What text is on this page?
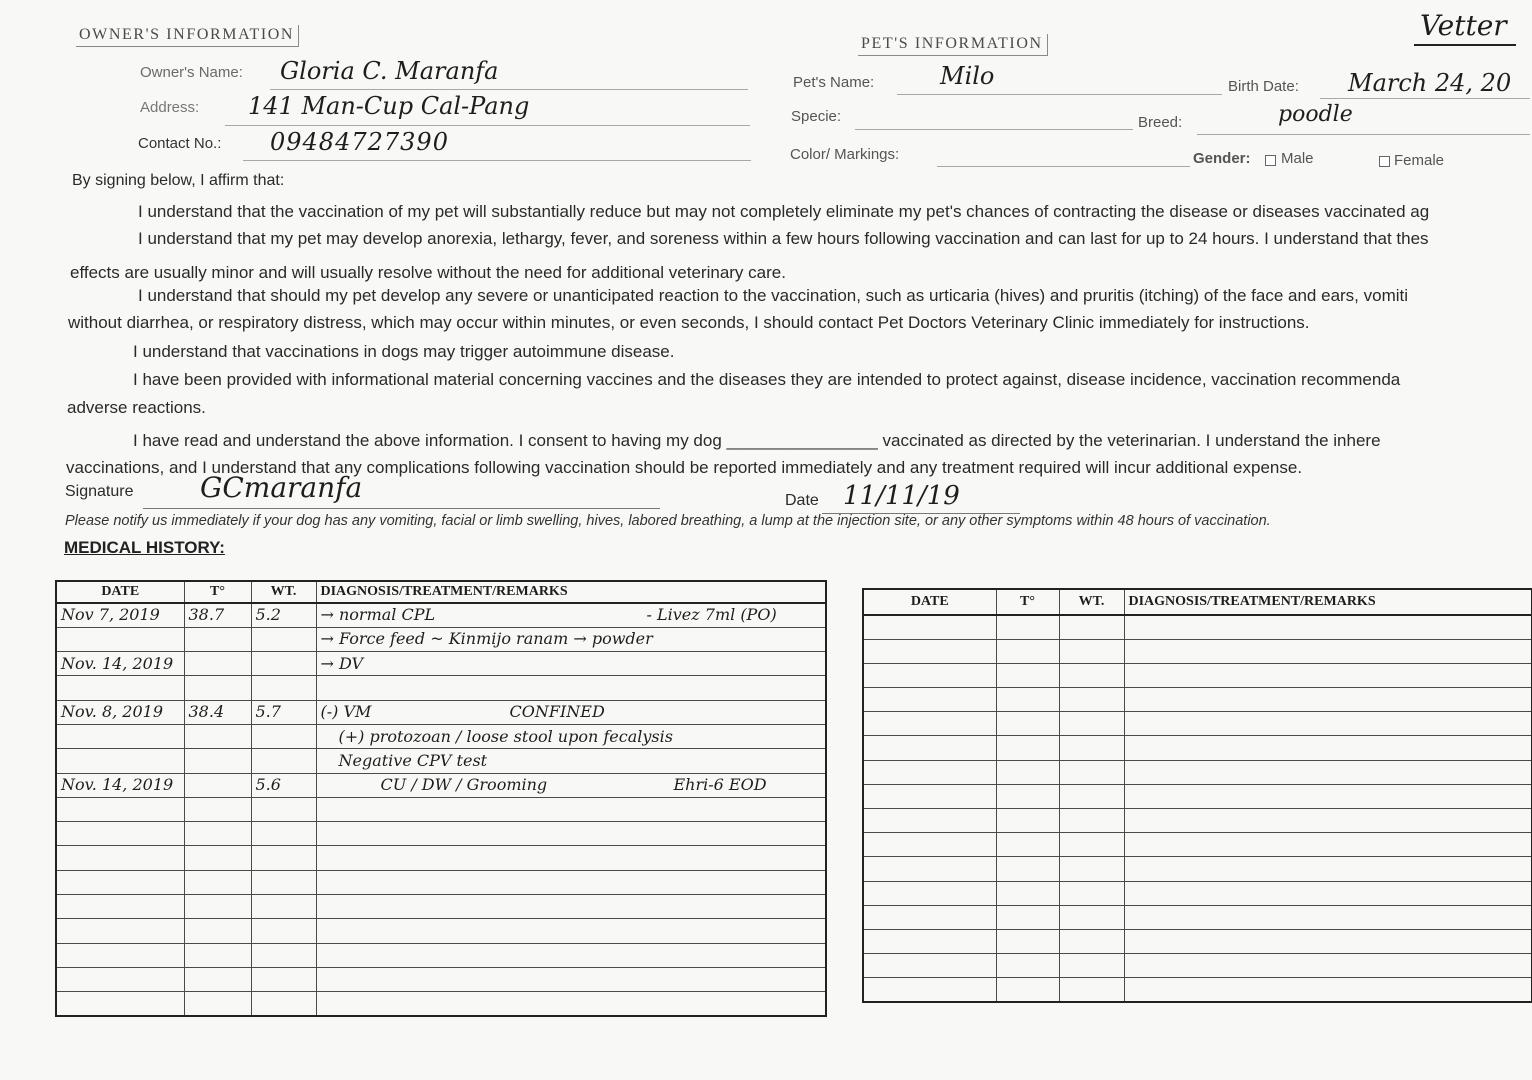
Vetter
OWNER'S INFORMATION
Owner's Name: Gloria C. Maranfa
Address: 141 Man-Cup Cal-Pang
Contact No.: 09484727390
PET'S INFORMATION
Pet's Name:	Milo	Birth Date: March 24, 20
Specie:	Breed:	poodle
Color/ Markings:	Gender: Male	Female
By signing below, I affirm that:
I understand that the vaccination of my pet will substantially reduce but may not completely eliminate my pet's chances of contracting the disease or diseases vaccinated ag
I understand that my pet may develop anorexia, lethargy, fever, and soreness within a few hours following vaccination and can last for up to 24 hours. I understand that thes
effects are usually minor and will usually resolve without the need for additional veterinary care.
I understand that should my pet develop any severe or unanticipated reaction to the vaccination, such as urticaria (hives) and pruritis (itching) of the face and ears, vomiti
without diarrhea, or respiratory distress, which may occur within minutes, or even seconds, I should contact Pet Doctors Veterinary Clinic immediately for instructions.
I understand that vaccinations in dogs may trigger autoimmune disease.
I have been provided with informational material concerning vaccines and the diseases they are intended to protect against, disease incidence, vaccination recommenda
adverse reactions.
I have read and understand the above information. I consent to having my dog ________________ vaccinated as directed by the veterinarian. I understand the inhere
vaccinations, and I understand that any complications following vaccination should be reported immediately and any treatment required will incur additional expense.
Signature GCmaranfa	Date 11/11/19
Please notify us immediately if your dog has any vomiting, facial or limb swelling, hives, labored breathing, a lump at the injection site, or any other symptoms within 48 hours of vaccination.
MEDICAL HISTORY:
DATE	T°	WT.	DIAGNOSIS/TREATMENT/REMARKS
Nov 7, 2019	38.7	5.2	→ normal CPL - Livez 7ml (PO)

			→ Force feed ~ Kinmijo ranam → powder
Nov. 14, 2019			→ DV

Nov. 8, 2019	38.4	5.7	(-) VM CONFINED

			(+) protozoan / loose stool upon fecalysis
			Negative CPV test
Nov. 14, 2019		5.6	CU / DW / Grooming Ehri-6 EOD

DATE	T°	WT.	DIAGNOSIS/TREATMENT/REMARKS
